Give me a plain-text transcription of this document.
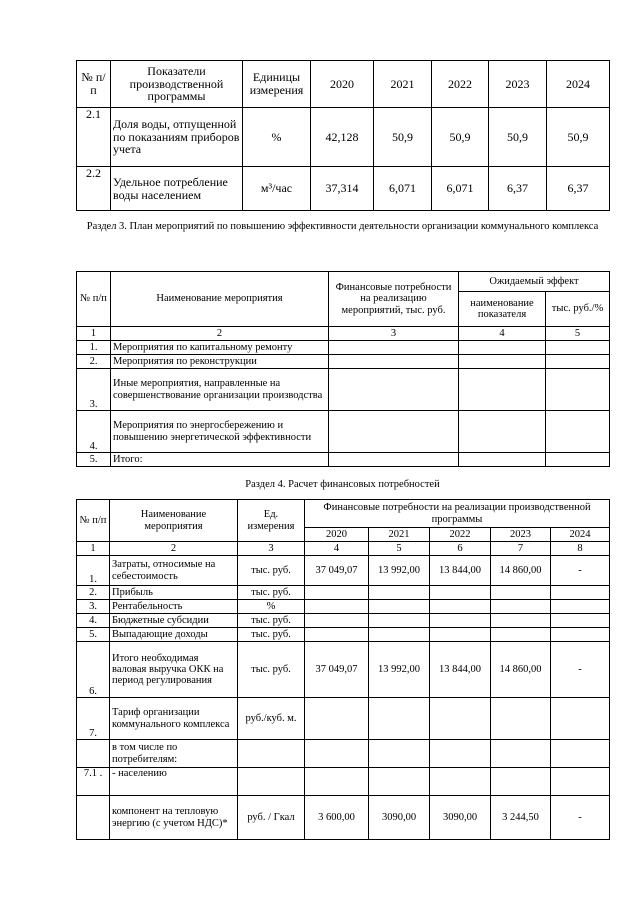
№ п/п	Показатели производственной программы	Единицы измерения	2020	2021	2022	2023	2024
2.1	Доля воды, отпущенной по показаниям приборов учета	%	42,128	50,9	50,9	50,9	50,9
2.2	Удельное потребление воды населением	м³/час	37,314	6,071	6,071	6,37	6,37
Раздел 3. План мероприятий по повышению эффективности деятельности организации коммунального комплекса
№ п/п	Наименование мероприятия	Финансовые потребности на реализацию мероприятий, тыс. руб.	Ожидаемый эффект	
			наименование показателя	тыс. руб./%
1	2	3	4	5
1.	Мероприятия по капитальному ремонту			
2.	Мероприятия по реконструкции			
3.	Иные мероприятия, направленные на совершенствование организации производства			
4.	Мероприятия по энергосбережению и повышению энергетической эффективности			
5.	Итого:			
Раздел 4. Расчет финансовых потребностей
№ п/п	Наименование мероприятия	Ед. измерения	Финансовые потребности на реализации производственной программы				
			2020	2021	2022	2023	2024
1	2	3	4	5	6	7	8
1.	Затраты, относимые на себестоимость	тыс. руб.	37 049,07	13 992,00	13 844,00	14 860,00	-
2.	Прибыль	тыс. руб.					
3.	Рентабельность	%					
4.	Бюджетные субсидии	тыс. руб.					
5.	Выпадающие доходы	тыс. руб.					
6.	Итого необходимая валовая выручка ОКК на период регулирования	тыс. руб.	37 049,07	13 992,00	13 844,00	14 860,00	-
7.	Тариф организации коммунального комплекса	руб./куб. м.					
	в том числе по потребителям:						
7.1 .	- населению						
	компонент на тепловую энергию (с учетом НДС)*	руб. / Гкал	3 600,00	3090,00	3090,00	3 244,50	-
